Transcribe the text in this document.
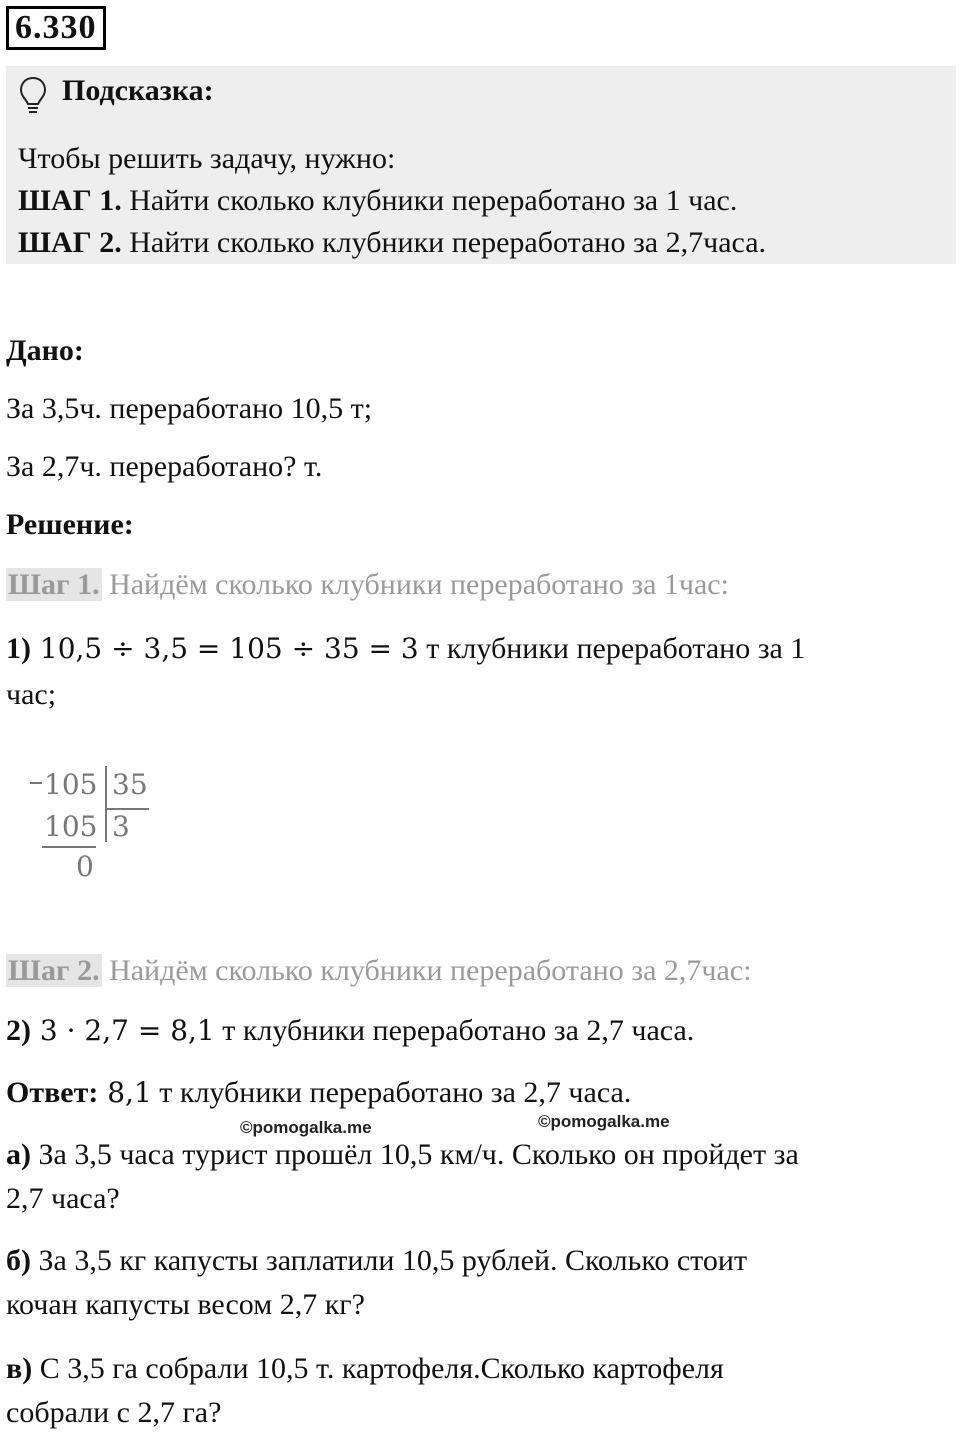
6.330
Подсказка:
Чтобы решить задачу, нужно:
ШАГ 1. Найти сколько клубники переработано за 1 час.
ШАГ 2. Найти сколько клубники переработано за 2,7часа.
Дано:
За 3,5ч. переработано 10,5 т;
За 2,7ч. переработано? т.
Решение:
Шаг 1. Найдём сколько клубники переработано за 1час:
1) 10,5 ÷ 3,5 = 105 ÷ 35 = 3 т клубники переработано за 1
час;
105 35
105 3
0
Шаг 2. Найдём сколько клубники переработано за 2,7час:
2) 3 · 2,7 = 8,1 т клубники переработано за 2,7 часа.
Ответ: 8,1 т клубники переработано за 2,7 часа.
©pomogalka.me
©pomogalka.me
а) За 3,5 часа турист прошёл 10,5 км/ч. Сколько он пройдет за
2,7 часа?
б) За 3,5 кг капусты заплатили 10,5 рублей. Сколько стоит
кочан капусты весом 2,7 кг?
в) С 3,5 га собрали 10,5 т. картофеля.Сколько картофеля
собрали с 2,7 га?
